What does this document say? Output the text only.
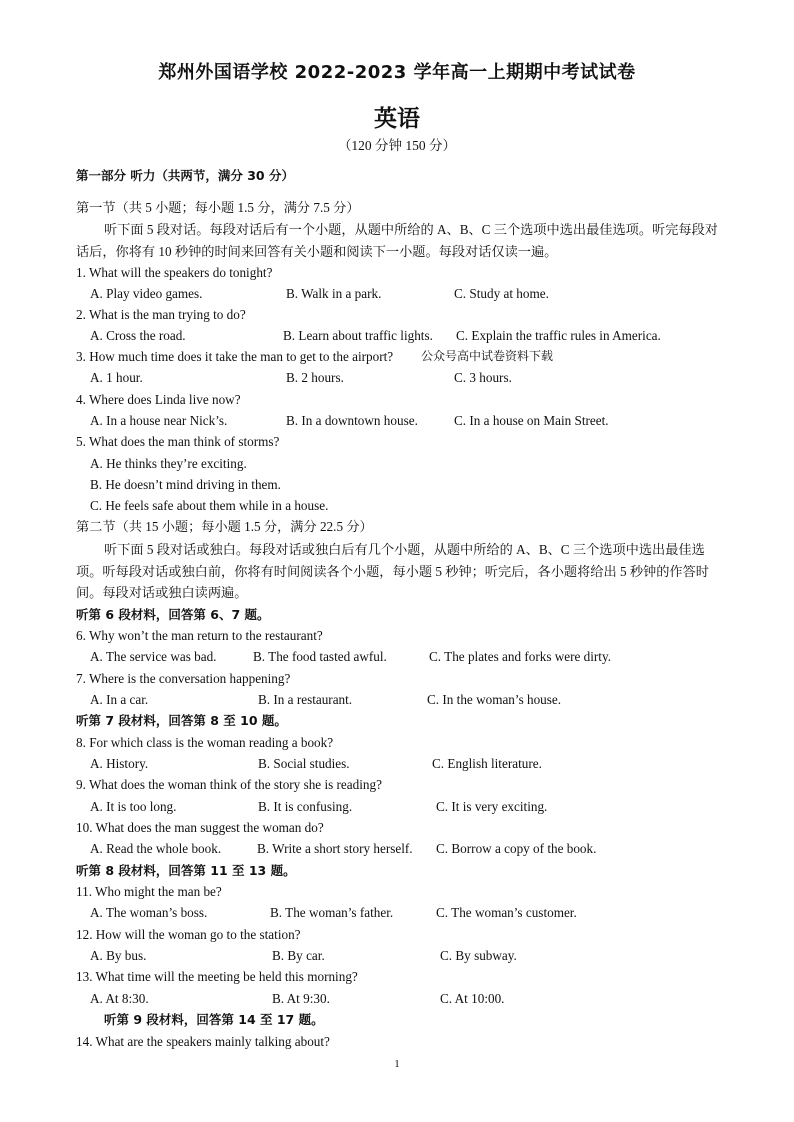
郑州外国语学校 2022-2023 学年高一上期期中考试试卷
英语
（120 分钟 150 分）
第一部分 听力（共两节，满分 30 分）
第一节（共 5 小题；每小题 1.5 分，满分 7.5 分）
听下面 5 段对话。每段对话后有一个小题，从题中所给的 A、B、C 三个选项中选出最佳选项。听完每段对话后，你将有 10 秒钟的时间来回答有关小题和阅读下一小题。每段对话仅读一遍。
1. What will the speakers do tonight?
A. Play video games.	B. Walk in a park.	C. Study at home.
2. What is the man trying to do?
A. Cross the road.	B. Learn about traffic lights. C. Explain the traffic rules in America.
3. How much time does it take the man to get to the airport? 公众号高中试卷资料下载
A. 1 hour.	B. 2 hours.	C. 3 hours.
4. Where does Linda live now?
A. In a house near Nick’s.	B. In a downtown house.	C. In a house on Main Street.
5. What does the man think of storms?
A. He thinks they’re exciting.
B. He doesn’t mind driving in them.
C. He feels safe about them while in a house.
第二节（共 15 小题；每小题 1.5 分，满分 22.5 分）
听下面 5 段对话或独白。每段对话或独白后有几个小题，从题中所给的 A、B、C 三个选项中选出最佳选项。听每段对话或独白前，你将有时间阅读各个小题，每小题 5 秒钟；听完后，各小题将给出 5 秒钟的作答时间。每段对话或独白读两遍。
听第 6 段材料，回答第 6、7 题。
6. Why won’t the man return to the restaurant?
A. The service was bad.	B. The food tasted awful.	C. The plates and forks were dirty.
7. Where is the conversation happening?
A. In a car.	B. In a restaurant.	C. In the woman’s house.
听第 7 段材料，回答第 8 至 10 题。
8. For which class is the woman reading a book?
A. History.	B. Social studies.	C. English literature.
9. What does the woman think of the story she is reading?
A. It is too long.	B. It is confusing.	C. It is very exciting.
10. What does the man suggest the woman do?
A. Read the whole book.	B. Write a short story herself. C. Borrow a copy of the book.
听第 8 段材料，回答第 11 至 13 题。
11. Who might the man be?
A. The woman’s boss.	B. The woman’s father.	C. The woman’s customer.
12. How will the woman go to the station?
A. By bus.	B. By car.	C. By subway.
13. What time will the meeting be held this morning?
A. At 8:30.	B. At 9:30.	C. At 10:00.
听第 9 段材料，回答第 14 至 17 题。
14. What are the speakers mainly talking about?
1
